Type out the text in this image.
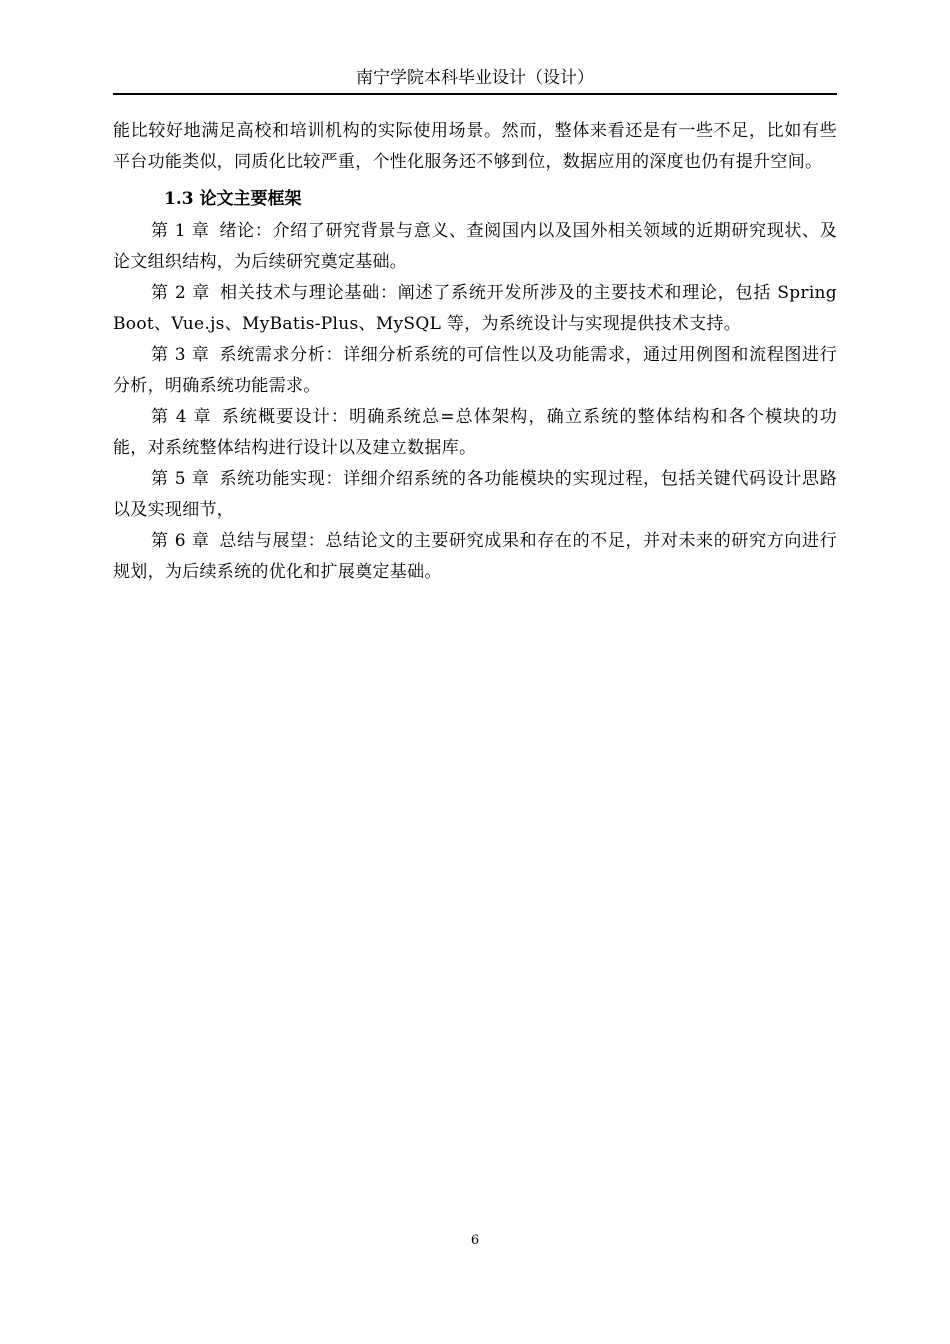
南宁学院本科毕业设计（设计）

能比较好地满足高校和培训机构的实际使用场景。然而，整体来看还是有一些不足，比如有些平台功能类似，同质化比较严重，个性化服务还不够到位，数据应用的深度也仍有提升空间。

1.3 论文主要框架

第 1 章 绪论：介绍了研究背景与意义、查阅国内以及国外相关领域的近期研究现状、及论文组织结构，为后续研究奠定基础。

第 2 章 相关技术与理论基础：阐述了系统开发所涉及的主要技术和理论，包括 Spring Boot、Vue.js、MyBatis-Plus、MySQL 等，为系统设计与实现提供技术支持。

第 3 章 系统需求分析：详细分析系统的可信性以及功能需求，通过用例图和流程图进行分析，明确系统功能需求。

第 4 章 系统概要设计：明确系统总=总体架构，确立系统的整体结构和各个模块的功能，对系统整体结构进行设计以及建立数据库。

第 5 章 系统功能实现：详细介绍系统的各功能模块的实现过程，包括关键代码设计思路以及实现细节，

第 6 章 总结与展望：总结论文的主要研究成果和存在的不足，并对未来的研究方向进行规划，为后续系统的优化和扩展奠定基础。

6
